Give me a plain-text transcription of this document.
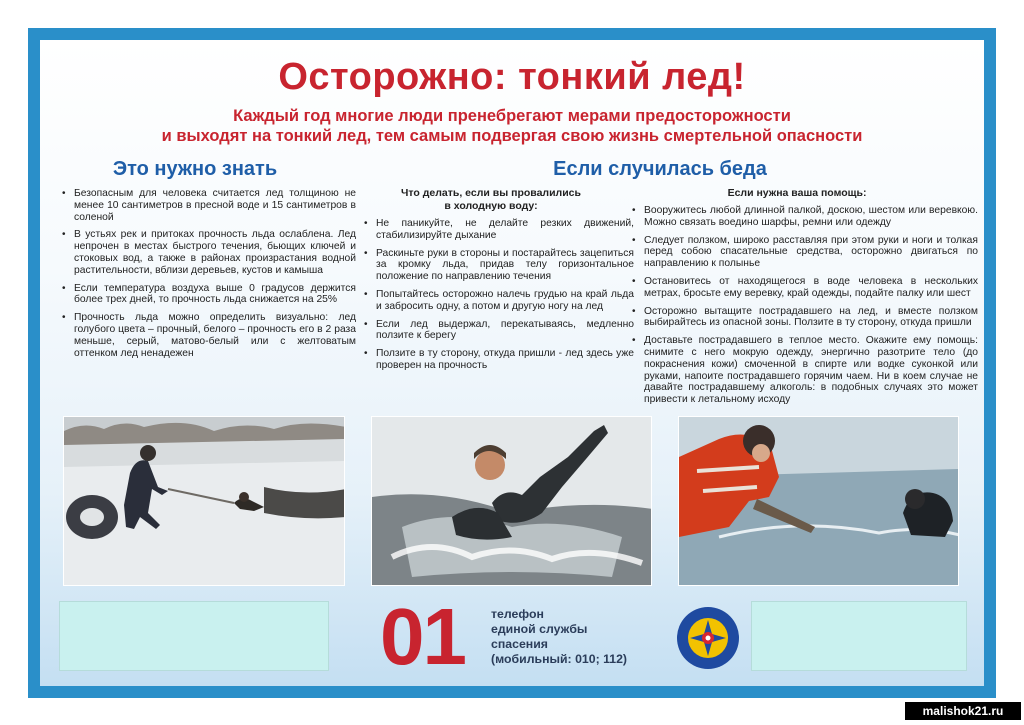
Осторожно: тонкий лед!
Каждый год многие люди пренебрегают мерами предосторожности
и выходят на тонкий лед, тем самым подвергая свою жизнь смертельной опасности
Это нужно знать	Если случилась беда
• Безопасным для человека считается лед толщиною не менее 10 сантиметров в пресной воде и 15 сантиметров в соленой
• В устьях рек и притоках прочность льда ослаблена. Лед непрочен в местах быстрого течения, бьющих ключей и стоковых вод, а также в районах произрастания водной растительности, вблизи деревьев, кустов и камыша
• Если температура воздуха выше 0 градусов держится более трех дней, то прочность льда снижается на 25%
• Прочность льда можно определить визуально: лед голубого цвета – прочный, белого – прочность его в 2 раза меньше, серый, матово-белый или с желтоватым оттенком лед ненадежен
Что делать, если вы провалились
в холодную воду:
• Не паникуйте, не делайте резких движений, стабилизируйте дыхание
• Раскиньте руки в стороны и постарайтесь зацепиться за кромку льда, придав телу горизонтальное положение по направлению течения
• Попытайтесь осторожно налечь грудью на край льда и забросить одну, а потом и другую ногу на лед
• Если лед выдержал, перекатываясь, медленно ползите к берегу
• Ползите в ту сторону, откуда пришли - лед здесь уже проверен на прочность
Если нужна ваша помощь:
• Вооружитесь любой длинной палкой, доскою, шестом или веревкою. Можно связать воедино шарфы, ремни или одежду
• Следует ползком, широко расставляя при этом руки и ноги и толкая перед собою спасательные средства, осторожно двигаться по направлению к полынье
• Остановитесь от находящегося в воде человека в нескольких метрах, бросьте ему веревку, край одежды, подайте палку или шест
• Осторожно вытащите пострадавшего на лед, и вместе ползком выбирайтесь из опасной зоны. Ползите в ту сторону, откуда пришли
• Доставьте пострадавшего в теплое место. Окажите ему помощь: снимите с него мокрую одежду, энергично разотрите тело (до покраснения кожи) смоченной в спирте или водке суконкой или руками, напоите пострадавшего горячим чаем. Ни в коем случае не давайте пострадавшему алкоголь: в подобных случаях это может привести к летальному исходу
01 телефон
единой службы
спасения
(мобильный: 010; 112)
malishok21.ru
